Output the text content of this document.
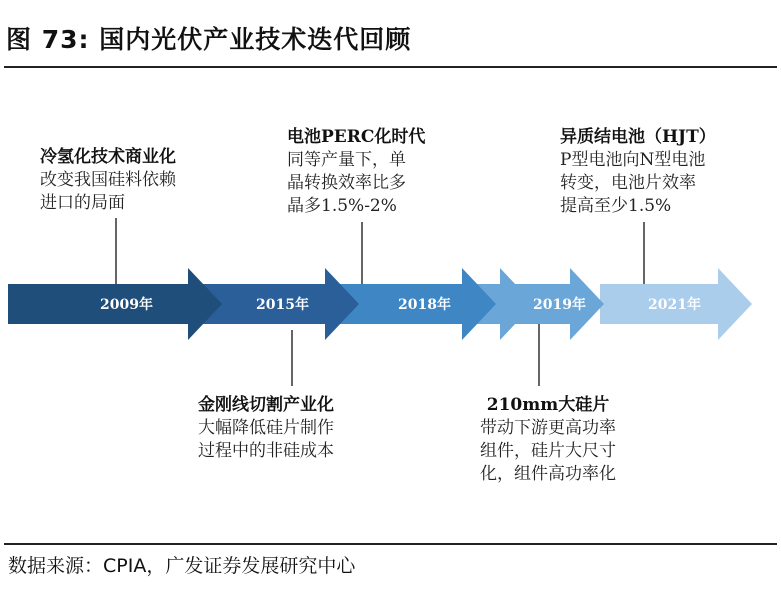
图 73: 国内光伏产业技术迭代回顾
2009年	2015年	2018年	2019年	2021年
冷氢化技术商业化
改变我国硅料依赖
进口的局面
电池PERC化时代
同等产量下，单
晶转换效率比多
晶多1.5%-2%
异质结电池（HJT）
P型电池向N型电池
转变，电池片效率
提高至少1.5%
金刚线切割产业化
大幅降低硅片制作
过程中的非硅成本
210mm大硅片
带动下游更高功率
组件，硅片大尺寸
化，组件高功率化
数据来源：CPIA，广发证券发展研究中心
